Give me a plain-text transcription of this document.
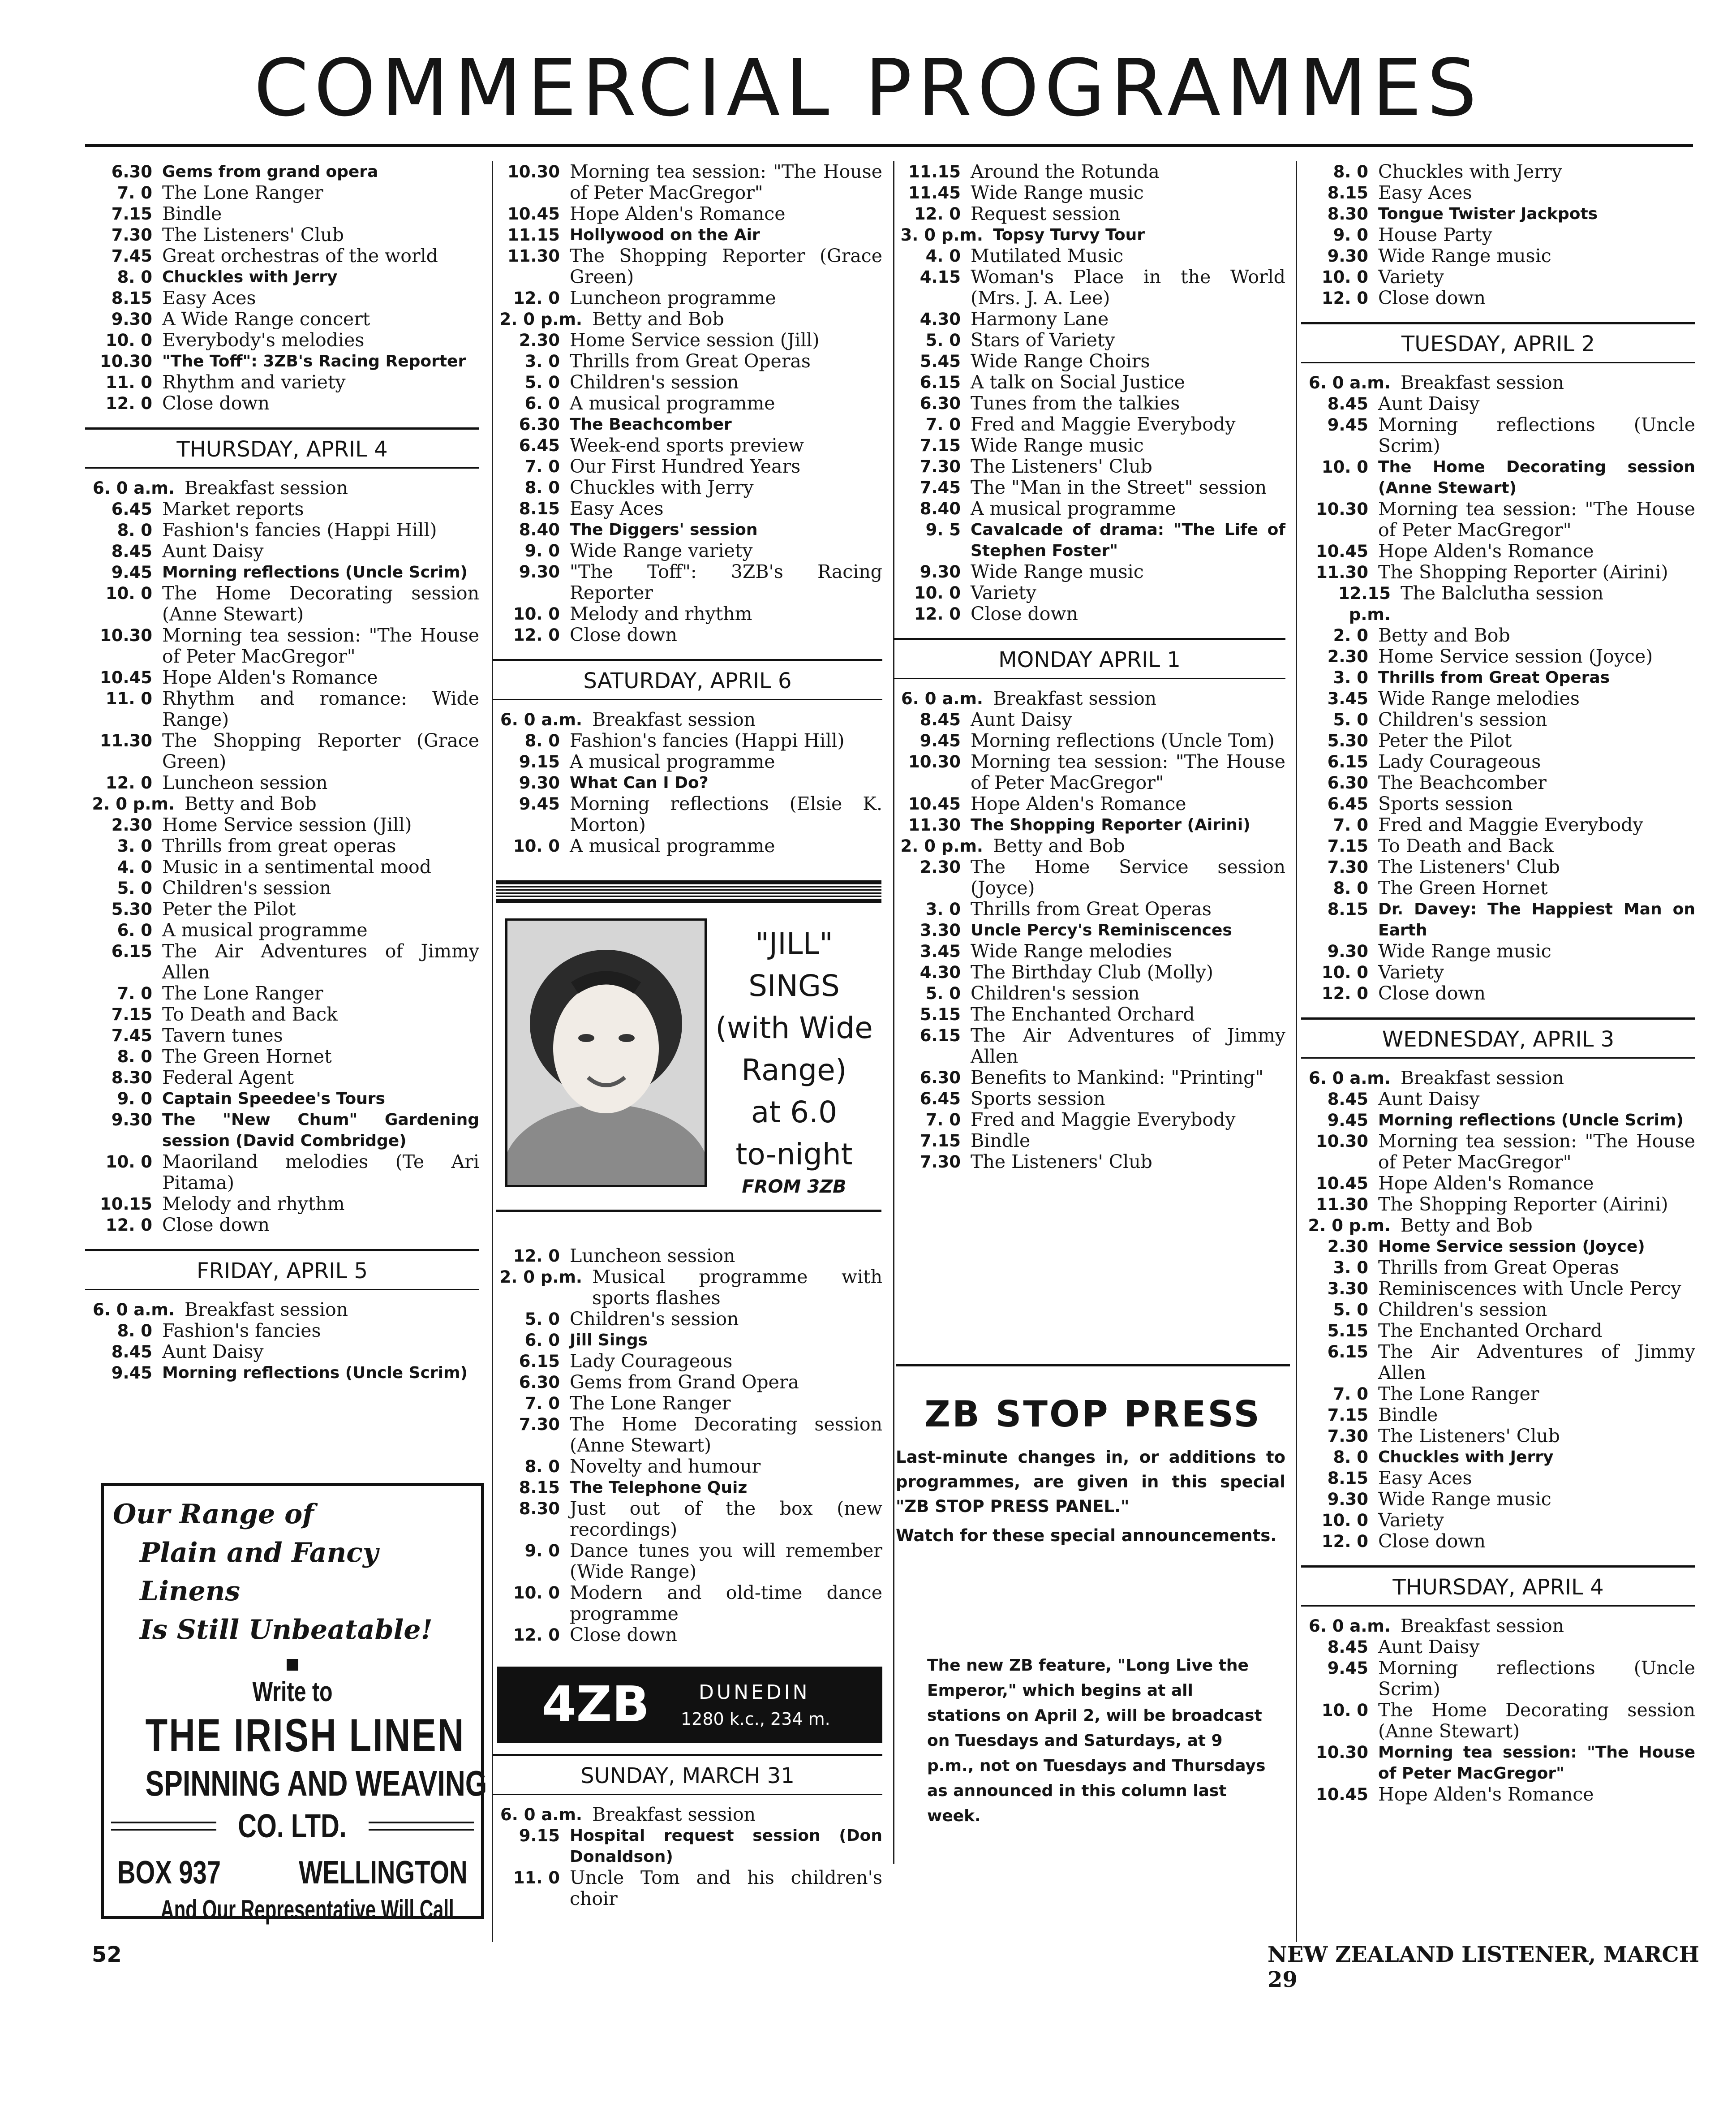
COMMERCIAL PROGRAMMES
6.30 Gems from grand opera
7. 0 The Lone Ranger
7.15 Bindle
7.30 The Listeners' Club
7.45 Great orchestras of the world
8. 0 Chuckles with Jerry
8.15 Easy Aces
9.30 A Wide Range concert
10. 0 Everybody's melodies
10.30 "The Toff": 3ZB's Racing Reporter
11. 0 Rhythm and variety
12. 0 Close down
THURSDAY, APRIL 4
6. 0 a.m. Breakfast session
6.45 Market reports
8. 0 Fashion's fancies (Happi Hill)
8.45 Aunt Daisy
9.45 Morning reflections (Uncle Scrim)
10. 0 The Home Decorating session (Anne Stewart)
10.30 Morning tea session: "The House of Peter MacGregor"
10.45 Hope Alden's Romance
11. 0 Rhythm and romance: Wide Range)
11.30 The Shopping Reporter (Grace Green)
12. 0 Luncheon session
2. 0 p.m. Betty and Bob
2.30 Home Service session (Jill)
3. 0 Thrills from great operas
4. 0 Music in a sentimental mood
5. 0 Children's session
5.30 Peter the Pilot
6. 0 A musical programme
6.15 The Air Adventures of Jimmy Allen
7. 0 The Lone Ranger
7.15 To Death and Back
7.45 Tavern tunes
8. 0 The Green Hornet
8.30 Federal Agent
9. 0 Captain Speedee's Tours
9.30 The "New Chum" Gardening session (David Combridge)
10. 0 Maoriland melodies (Te Ari Pitama)
10.15 Melody and rhythm
12. 0 Close down
FRIDAY, APRIL 5
6. 0 a.m. Breakfast session
8. 0 Fashion's fancies
8.45 Aunt Daisy
9.45 Morning reflections (Uncle Scrim)
Our Range of
Plain and Fancy Linens
Is Still Unbeatable!
Write to
THE IRISH LINEN
SPINNING AND WEAVING
CO. LTD.
BOX 937 WELLINGTON
And Our Representative Will Call
10.30 Morning tea session: "The House of Peter MacGregor"
10.45 Hope Alden's Romance
11.15 Hollywood on the Air
11.30 The Shopping Reporter (Grace Green)
12. 0 Luncheon programme
2. 0 p.m. Betty and Bob
2.30 Home Service session (Jill)
3. 0 Thrills from Great Operas
5. 0 Children's session
6. 0 A musical programme
6.30 The Beachcomber
6.45 Week-end sports preview
7. 0 Our First Hundred Years
8. 0 Chuckles with Jerry
8.15 Easy Aces
8.40 The Diggers' session
9. 0 Wide Range variety
9.30 "The Toff": 3ZB's Racing Reporter
10. 0 Melody and rhythm
12. 0 Close down
SATURDAY, APRIL 6
6. 0 a.m. Breakfast session
8. 0 Fashion's fancies (Happi Hill)
9.15 A musical programme
9.30 What Can I Do?
9.45 Morning reflections (Elsie K. Morton)
10. 0 A musical programme
"JILL" SINGS
(with Wide
Range)
at 6.0
to-night
FROM 3ZB
12. 0 Luncheon session
2. 0 p.m. Musical programme with sports flashes
5. 0 Children's session
6. 0 Jill Sings
6.15 Lady Courageous
6.30 Gems from Grand Opera
7. 0 The Lone Ranger
7.30 The Home Decorating session (Anne Stewart)
8. 0 Novelty and humour
8.15 The Telephone Quiz
8.30 Just out of the box (new recordings)
9. 0 Dance tunes you will remember (Wide Range)
10. 0 Modern and old-time dance programme
12. 0 Close down
4ZB DUNEDIN
1280 k.c., 234 m.
SUNDAY, MARCH 31
6. 0 a.m. Breakfast session
9.15 Hospital request session (Don Donaldson)
11. 0 Uncle Tom and his children's choir
11.15 Around the Rotunda
11.45 Wide Range music
12. 0 Request session
3. 0 p.m. Topsy Turvy Tour
4. 0 Mutilated Music
4.15 Woman's Place in the World (Mrs. J. A. Lee)
4.30 Harmony Lane
5. 0 Stars of Variety
5.45 Wide Range Choirs
6.15 A talk on Social Justice
6.30 Tunes from the talkies
7. 0 Fred and Maggie Everybody
7.15 Wide Range music
7.30 The Listeners' Club
7.45 The "Man in the Street" session
8.40 A musical programme
9. 5 Cavalcade of drama: "The Life of Stephen Foster"
9.30 Wide Range music
10. 0 Variety
12. 0 Close down
MONDAY APRIL 1
6. 0 a.m. Breakfast session
8.45 Aunt Daisy
9.45 Morning reflections (Uncle Tom)
10.30 Morning tea session: "The House of Peter MacGregor"
10.45 Hope Alden's Romance
11.30 The Shopping Reporter (Airini)
2. 0 p.m. Betty and Bob
2.30 The Home Service session (Joyce)
3. 0 Thrills from Great Operas
3.30 Uncle Percy's Reminiscences
3.45 Wide Range melodies
4.30 The Birthday Club (Molly)
5. 0 Children's session
5.15 The Enchanted Orchard
6.15 The Air Adventures of Jimmy Allen
6.30 Benefits to Mankind: "Printing"
6.45 Sports session
7. 0 Fred and Maggie Everybody
7.15 Bindle
7.30 The Listeners' Club
ZB STOP PRESS
Last-minute changes in, or additions to programmes, are given in this special "ZB STOP PRESS PANEL."
Watch for these special announcements.
The new ZB feature, "Long Live the Emperor," which begins at all stations on April 2, will be broadcast on Tuesdays and Saturdays, at 9 p.m., not on Tuesdays and Thursdays as announced in this column last week.
8. 0 Chuckles with Jerry
8.15 Easy Aces
8.30 Tongue Twister Jackpots
9. 0 House Party
9.30 Wide Range music
10. 0 Variety
12. 0 Close down
TUESDAY, APRIL 2
6. 0 a.m. Breakfast session
8.45 Aunt Daisy
9.45 Morning reflections (Uncle Scrim)
10. 0 The Home Decorating session (Anne Stewart)
10.30 Morning tea session: "The House of Peter MacGregor"
10.45 Hope Alden's Romance
11.30 The Shopping Reporter (Airini)
12.15 p.m.
The Balclutha session
2. 0 Betty and Bob
2.30 Home Service session (Joyce)
3. 0 Thrills from Great Operas
3.45 Wide Range melodies
5. 0 Children's session
5.30 Peter the Pilot
6.15 Lady Courageous
6.30 The Beachcomber
6.45 Sports session
7. 0 Fred and Maggie Everybody
7.15 To Death and Back
7.30 The Listeners' Club
8. 0 The Green Hornet
8.15 Dr. Davey: The Happiest Man on Earth
9.30 Wide Range music
10. 0 Variety
12. 0 Close down
WEDNESDAY, APRIL 3
6. 0 a.m. Breakfast session
8.45 Aunt Daisy
9.45 Morning reflections (Uncle Scrim)
10.30 Morning tea session: "The House of Peter MacGregor"
10.45 Hope Alden's Romance
11.30 The Shopping Reporter (Airini)
2. 0 p.m. Betty and Bob
2.30 Home Service session (Joyce)
3. 0 Thrills from Great Operas
3.30 Reminiscences with Uncle Percy
5. 0 Children's session
5.15 The Enchanted Orchard
6.15 The Air Adventures of Jimmy Allen
7. 0 The Lone Ranger
7.15 Bindle
7.30 The Listeners' Club
8. 0 Chuckles with Jerry
8.15 Easy Aces
9.30 Wide Range music
10. 0 Variety
12. 0 Close down
THURSDAY, APRIL 4
6. 0 a.m. Breakfast session
8.45 Aunt Daisy
9.45 Morning reflections (Uncle Scrim)
10. 0 The Home Decorating session (Anne Stewart)
10.30 Morning tea session: "The House of Peter MacGregor"
10.45 Hope Alden's Romance
52	NEW ZEALAND LISTENER, MARCH 29
